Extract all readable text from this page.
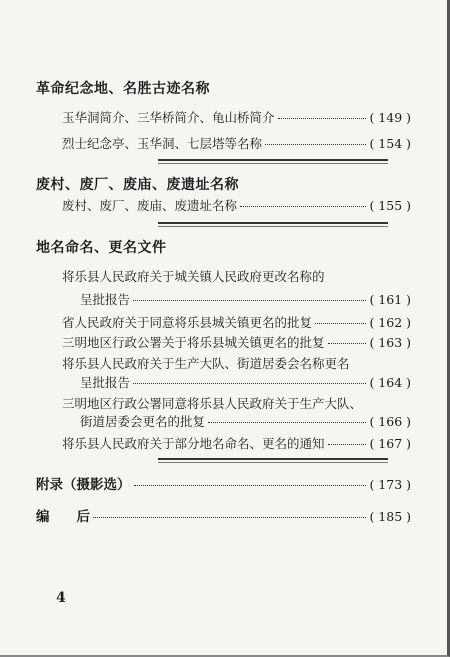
革命纪念地、名胜古迹名称
玉华洞简介、三华桥简介、龟山桥简介	( 149 )
烈士纪念亭、玉华洞、七层塔等名称	( 154 )
废村、废厂、废庙、废遗址名称
废村、废厂、废庙、废遗址名称	( 155 )
地名命名、更名文件
将乐县人民政府关于城关镇人民政府更改名称的
呈批报告	( 161 )
省人民政府关于同意将乐县城关镇更名的批复	( 162 )
三明地区行政公署关于将乐县城关镇更名的批复	( 163 )
将乐县人民政府关于生产大队、街道居委会名称更名
呈批报告	( 164 )
三明地区行政公署同意将乐县人民政府关于生产大队、
街道居委会更名的批复	( 166 )
将乐县人民政府关于部分地名命名、更名的通知	( 167 )
附录（摄影选）	( 173 )
编　　后	( 185 )
4
